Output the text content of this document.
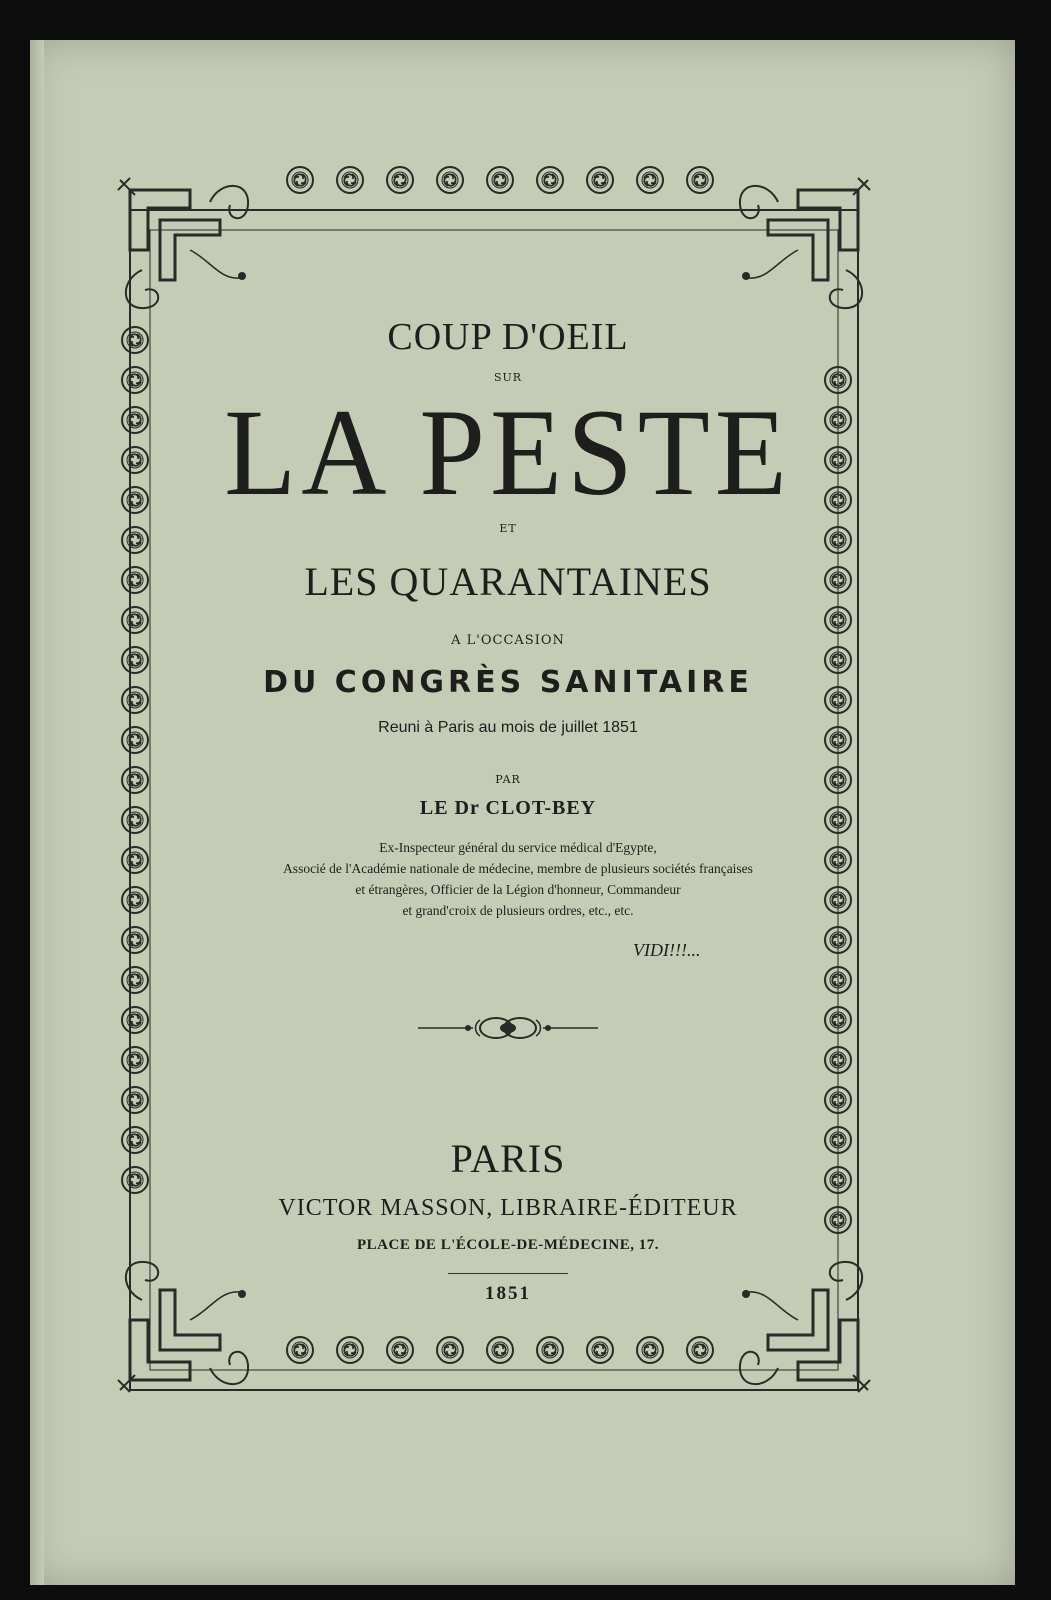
COUP D'OEIL
SUR
LA PESTE
ET
LES QUARANTAINES
A L'OCCASION
DU CONGRÈS SANITAIRE
Reuni à Paris au mois de juillet 1851
PAR
LE Dr CLOT-BEY
Ex-Inspecteur général du service médical d'Egypte,
Associé de l'Académie nationale de médecine, membre de plusieurs sociétés françaises
et étrangères, Officier de la Légion d'honneur, Commandeur
et grand'croix de plusieurs ordres, etc., etc.
VIDI!!!...
PARIS
VICTOR MASSON, LIBRAIRE-ÉDITEUR
PLACE DE L'ÉCOLE-DE-MÉDECINE, 17.
1851
